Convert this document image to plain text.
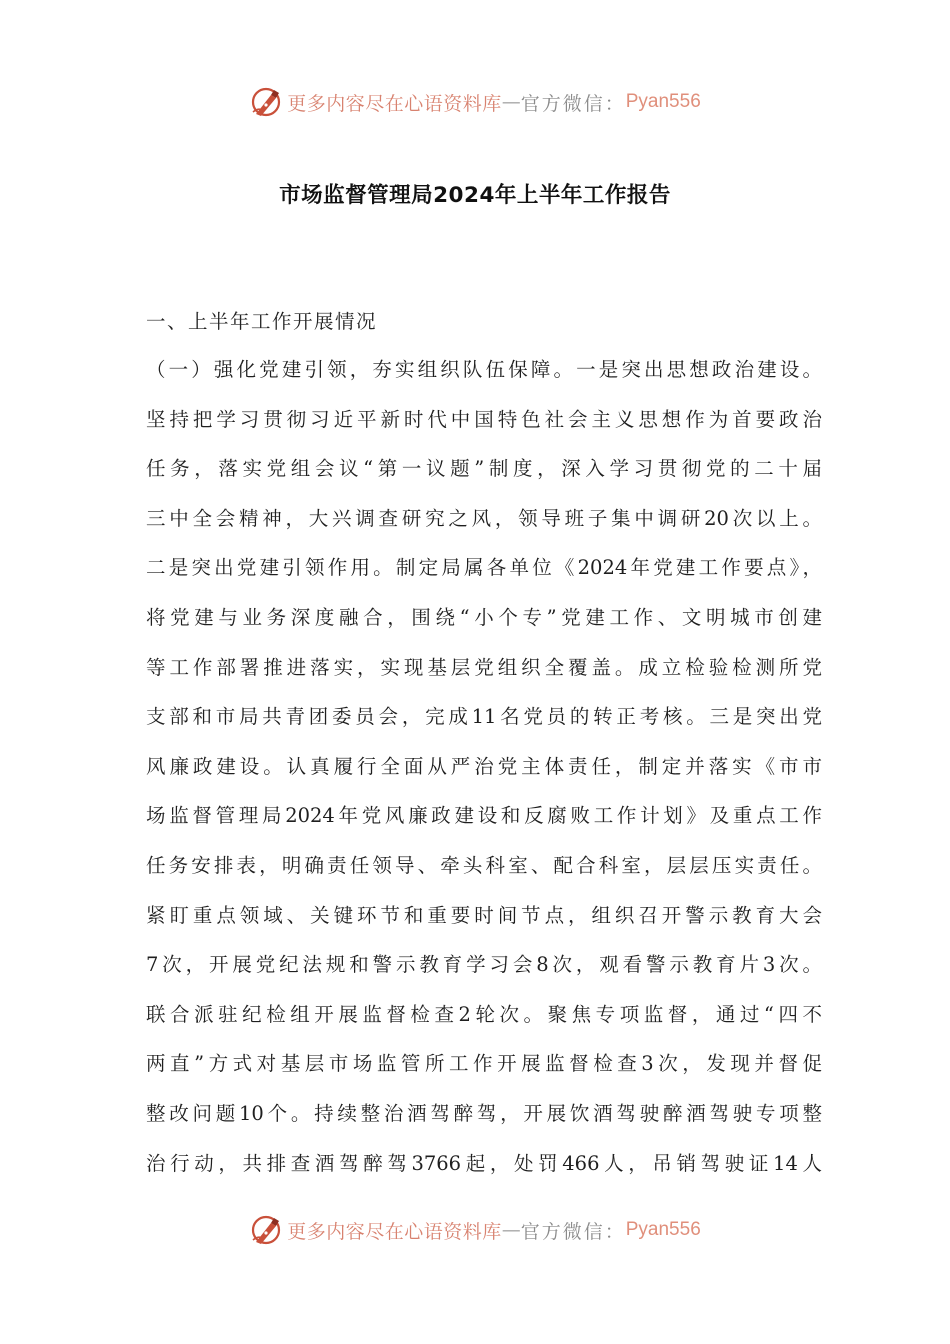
更多内容尽在心语资料库 — 官方微信： Pyan556
市场监督管理局2024年上半年工作报告
一、上半年工作开展情况
（一）强化党建引领，夯实组织队伍保障。一是突出思想政治建设。
坚持把学习贯彻习近平新时代中国特色社会主义思想作为首要政治
任务，落实党组会议“第一议题”制度，深入学习贯彻党的二十届
三中全会精神，大兴调查研究之风，领导班子集中调研20次以上。
二是突出党建引领作用。制定局属各单位《2024年党建工作要点》，
将党建与业务深度融合，围绕“小个专”党建工作、文明城市创建
等工作部署推进落实，实现基层党组织全覆盖。成立检验检测所党
支部和市局共青团委员会，完成11名党员的转正考核。三是突出党
风廉政建设。认真履行全面从严治党主体责任，制定并落实《市市
场监督管理局2024年党风廉政建设和反腐败工作计划》及重点工作
任务安排表，明确责任领导、牵头科室、配合科室，层层压实责任。
紧盯重点领域、关键环节和重要时间节点，组织召开警示教育大会
7次，开展党纪法规和警示教育学习会8次，观看警示教育片3次。
联合派驻纪检组开展监督检查2轮次。聚焦专项监督，通过“四不
两直”方式对基层市场监管所工作开展监督检查3次，发现并督促
整改问题10个。持续整治酒驾醉驾，开展饮酒驾驶醉酒驾驶专项整
治行动，共排查酒驾醉驾3766起，处罚466人，吊销驾驶证14人
更多内容尽在心语资料库 — 官方微信： Pyan556
